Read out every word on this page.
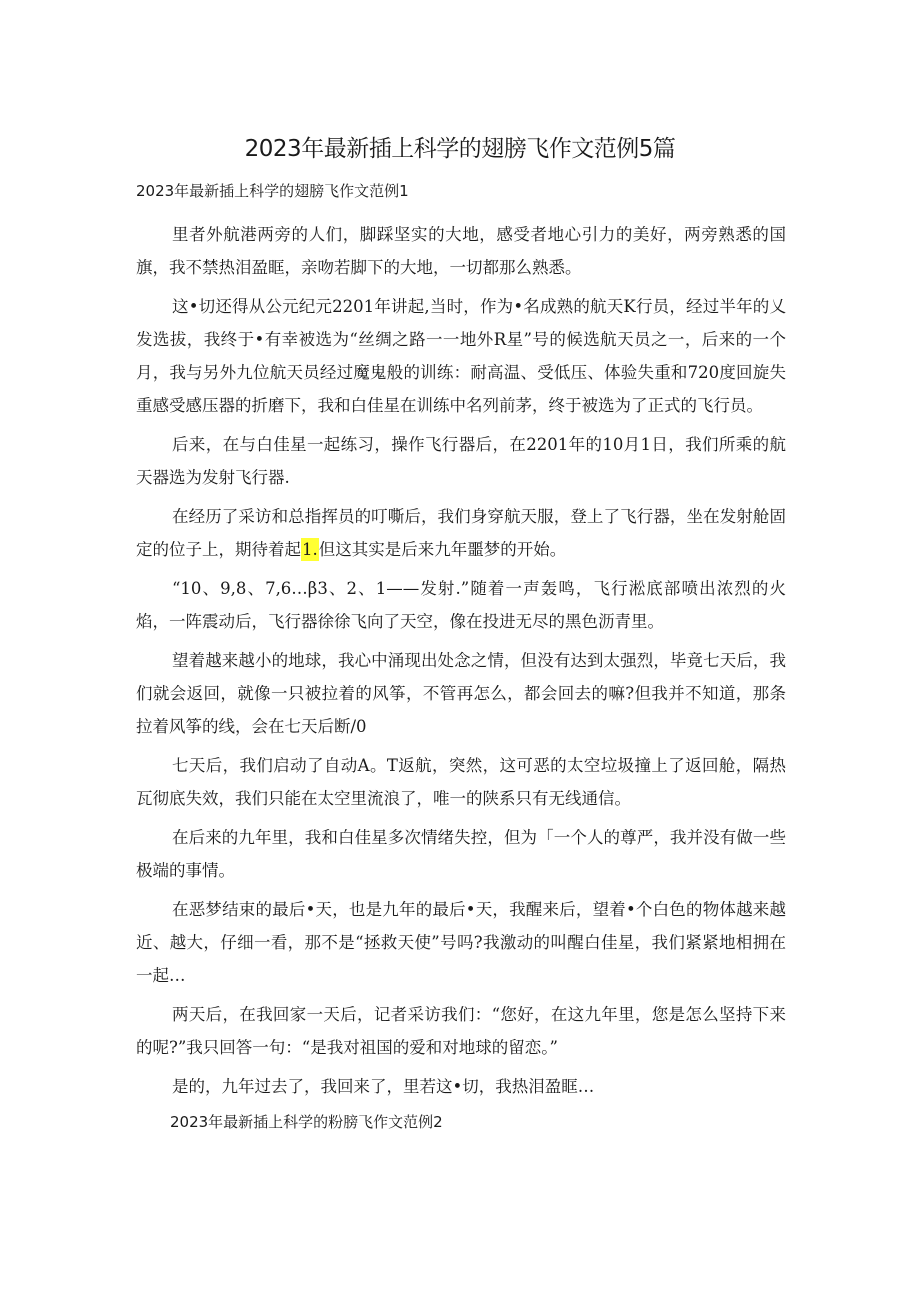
2023年最新插上科学的翅膀飞作文范例5篇
2023年最新插上科学的翅膀飞作文范例1

里者外航港两旁的人们，脚踩坚实的大地，感受者地心引力的美好，两旁熟悉的国旗，我不禁热泪盈眶，亲吻若脚下的大地，一切都那么熟悉。

这•切还得从公元纪元2201年讲起,当时，作为•名成熟的航天K行员，经过半年的乂发选拔，我终于•有幸被选为“丝绸之路一一地外R星”号的候选航天员之一，后来的一个月，我与另外九位航天员经过魔鬼般的训练：耐高温、受低压、体验失重和720度回旋失重感受感压器的折磨下，我和白佳星在训练中名列前茅，终于被选为了正式的飞行员。

后来，在与白佳星一起练习，操作飞行器后，在2201年的10月1日，我们所乘的航天器选为发射飞行器.

在经历了采访和总指挥员的叮嘶后，我们身穿航天服，登上了飞行器，坐在发射舱固定的位子上，期待着起1.但这其实是后来九年噩梦的开始。

“10、9,8、7,6…β3、2、1——发射.”随着一声轰鸣，飞行淞底部喷出浓烈的火焰，一阵震动后，飞行器徐徐飞向了天空，像在投进无尽的黑色沥青里。

望着越来越小的地球，我心中涌现出处念之情，但没有达到太强烈，毕竟七天后，我们就会返回，就像一只被拉着的风筝，不管再怎么，都会回去的嘛?但我并不知道，那条拉着风筝的线，会在七天后断/0

七天后，我们启动了自动A。T返航，突然，这可恶的太空垃圾撞上了返回舱，隔热瓦彻底失效，我们只能在太空里流浪了，唯一的陕系只有无线通信。

在后来的九年里，我和白佳星多次情绪失控，但为「一个人的尊严，我并没有做一些极端的事情。

在恶梦结束的最后•天，也是九年的最后•天，我醒来后，望着•个白色的物体越来越近、越大，仔细一看，那不是“拯救天使”号吗?我激动的叫醒白佳星，我们紧紧地相拥在一起…

两天后，在我回家一天后，记者采访我们：“您好，在这九年里，您是怎么坚持下来的呢?”我只回答一句：“是我对祖国的爱和对地球的留恋。”

是的，九年过去了，我回来了，里若这•切，我热泪盈眶…

2023年最新插上科学的粉膀飞作文范例2
